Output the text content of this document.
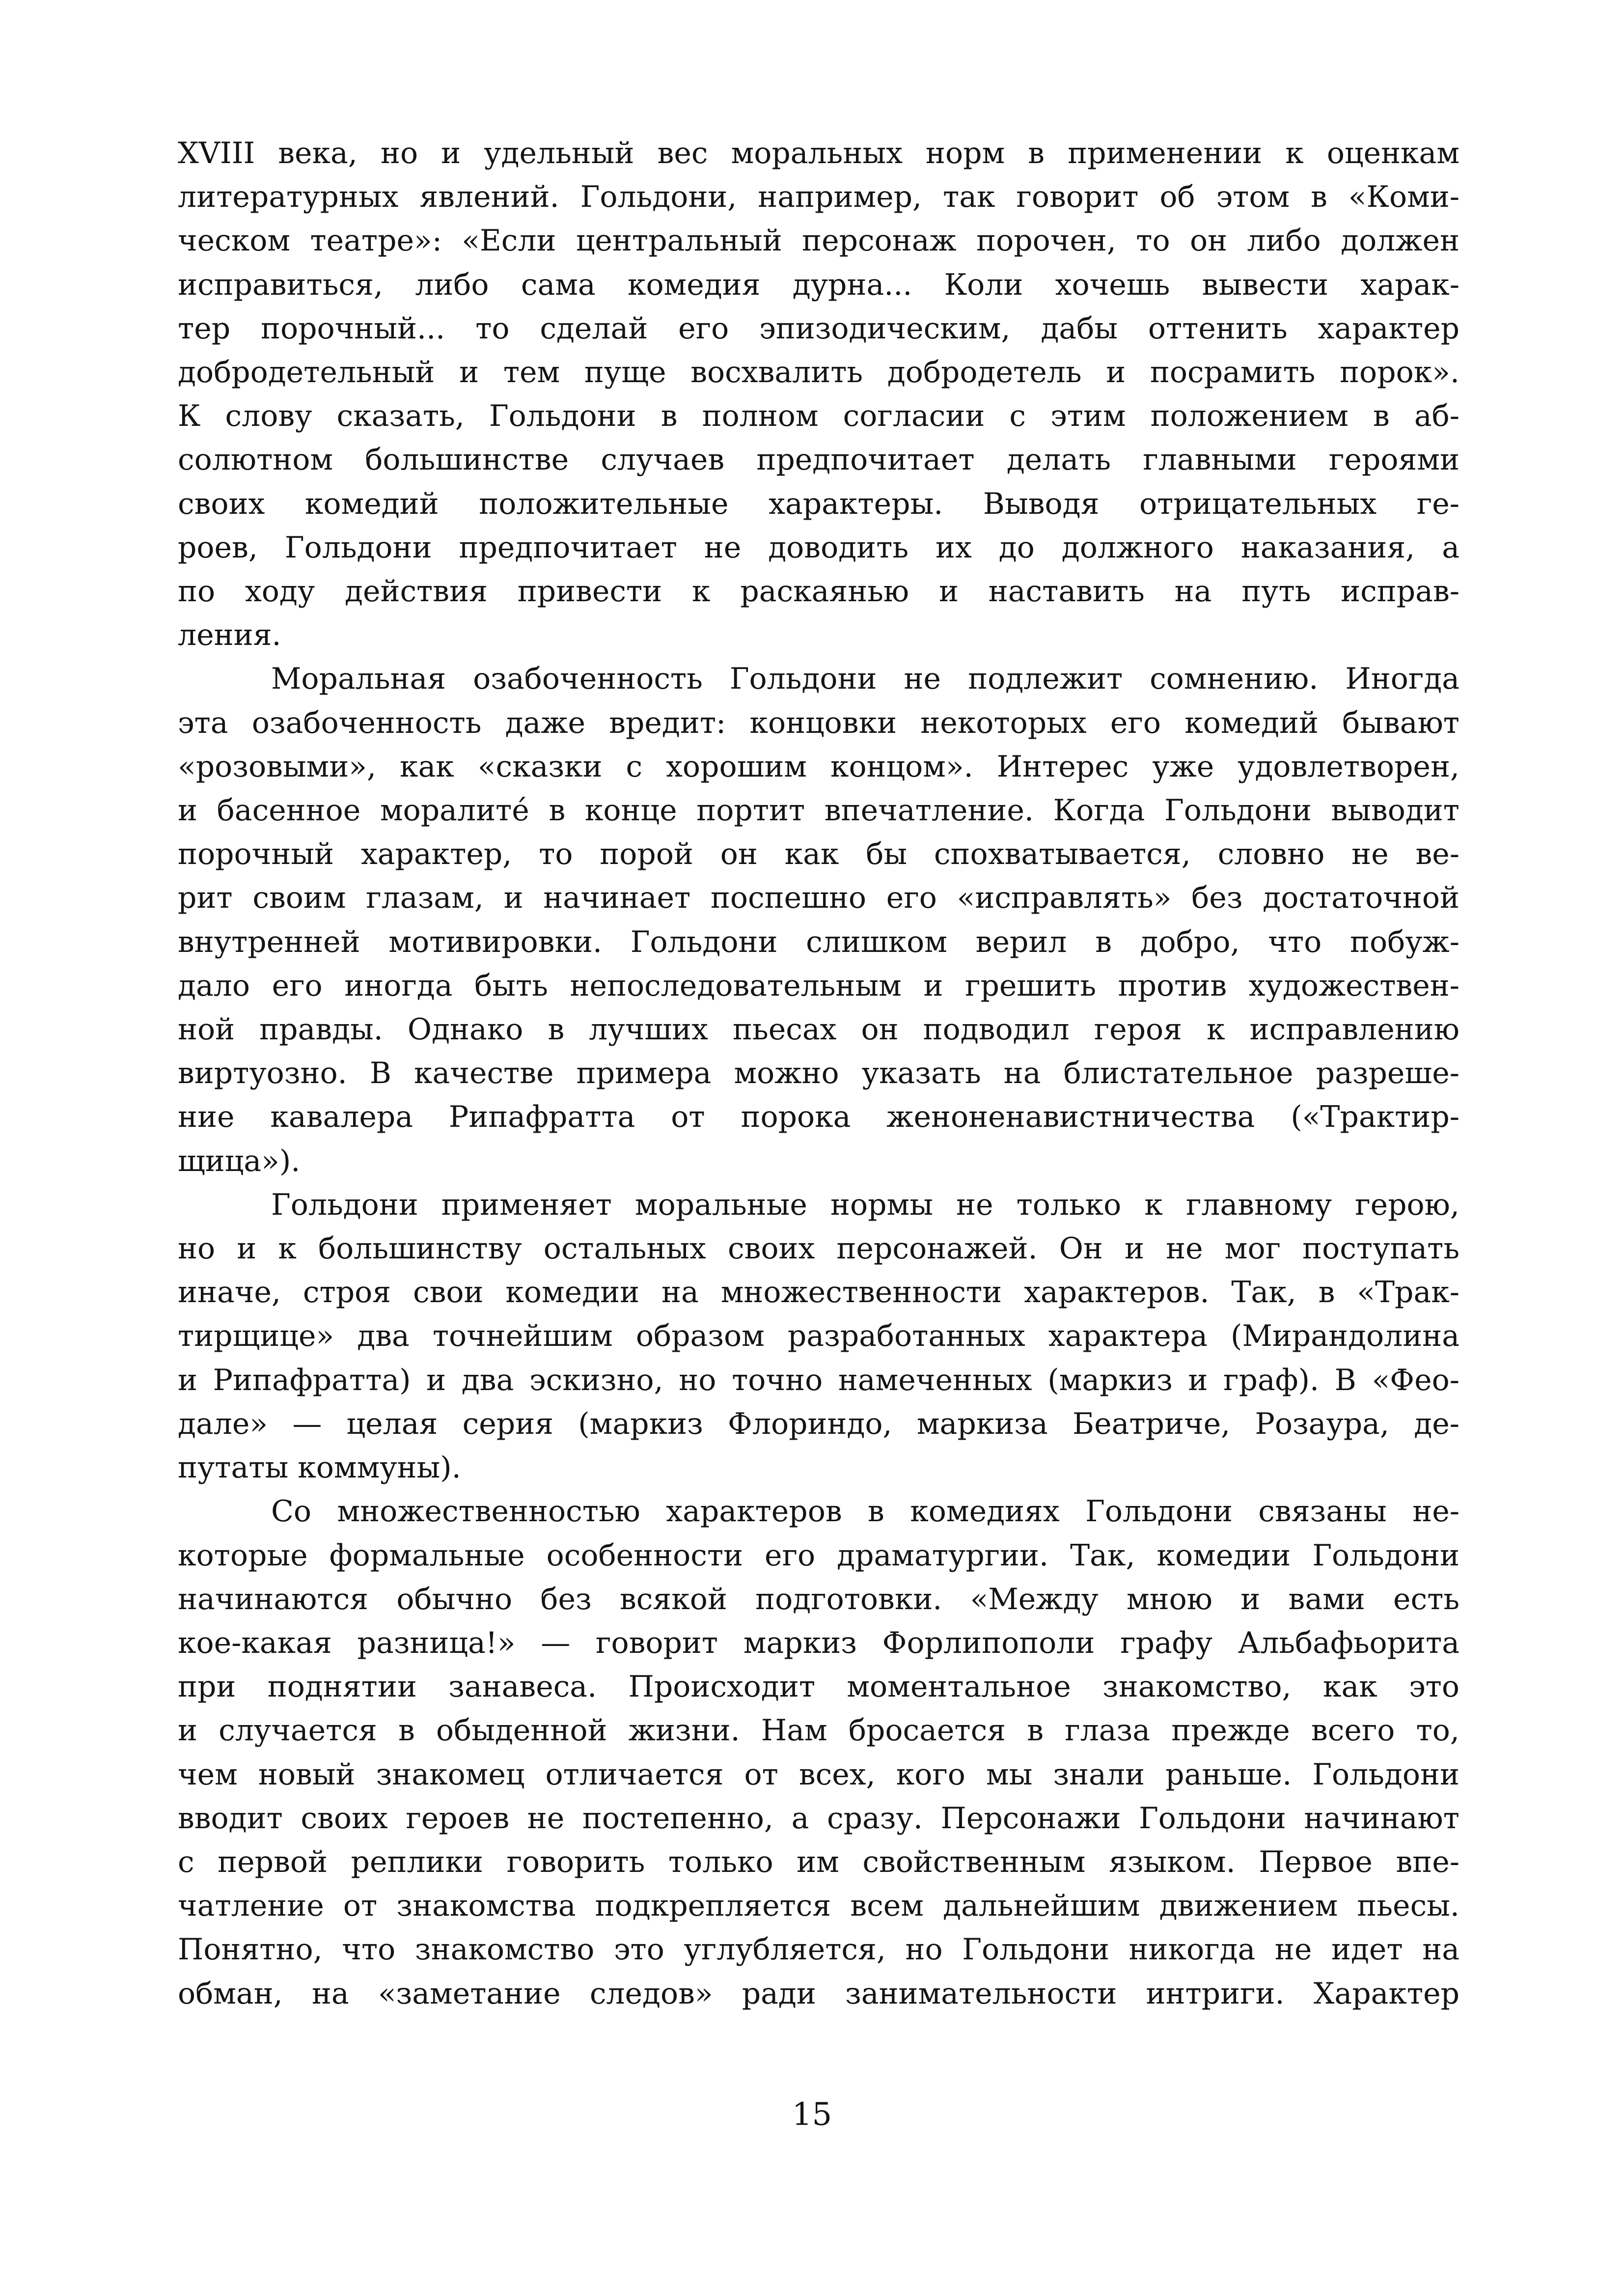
XVIII века, но и удельный вес моральных норм в применении к оценкам
литературных явлений. Гольдони, например, так говорит об этом в «Коми-
ческом театре»: «Если центральный персонаж порочен, то он либо должен
исправиться, либо сама комедия дурна... Коли хочешь вывести харак-
тер порочный... то сделай его эпизодическим, дабы оттенить характер
добродетельный и тем пуще восхвалить добродетель и посрамить порок».
К слову сказать, Гольдони в полном согласии с этим положением в аб-
солютном большинстве случаев предпочитает делать главными героями
своих комедий положительные характеры. Выводя отрицательных ге-
роев, Гольдони предпочитает не доводить их до должного наказания, а
по ходу действия привести к раскаянью и наставить на путь исправ-
ления.
Моральная озабоченность Гольдони не подлежит сомнению. Иногда
эта озабоченность даже вредит: концовки некоторых его комедий бывают
«розовыми», как «сказки с хорошим концом». Интерес уже удовлетворен,
и басенное моралитé в конце портит впечатление. Когда Гольдони выводит
порочный характер, то порой он как бы спохватывается, словно не ве-
рит своим глазам, и начинает поспешно его «исправлять» без достаточной
внутренней мотивировки. Гольдони слишком верил в добро, что побуж-
дало его иногда быть непоследовательным и грешить против художествен-
ной правды. Однако в лучших пьесах он подводил героя к исправлению
виртуозно. В качестве примера можно указать на блистательное разреше-
ние кавалера Рипафратта от порока женоненавистничества («Трактир-
щица»).
Гольдони применяет моральные нормы не только к главному герою,
но и к большинству остальных своих персонажей. Он и не мог поступать
иначе, строя свои комедии на множественности характеров. Так, в «Трак-
тирщице» два точнейшим образом разработанных характера (Мирандолина
и Рипафратта) и два эскизно, но точно намеченных (маркиз и граф). В «Фео-
дале» — целая серия (маркиз Флориндо, маркиза Беатриче, Розаура, де-
путаты коммуны).
Со множественностью характеров в комедиях Гольдони связаны не-
которые формальные особенности его драматургии. Так, комедии Гольдони
начинаются обычно без всякой подготовки. «Между мною и вами есть
кое-какая разница!» — говорит маркиз Форлипополи графу Альбафьорита
при поднятии занавеса. Происходит моментальное знакомство, как это
и случается в обыденной жизни. Нам бросается в глаза прежде всего то,
чем новый знакомец отличается от всех, кого мы знали раньше. Гольдони
вводит своих героев не постепенно, а сразу. Персонажи Гольдони начинают
с первой реплики говорить только им свойственным языком. Первое впе-
чатление от знакомства подкрепляется всем дальнейшим движением пьесы.
Понятно, что знакомство это углубляется, но Гольдони никогда не идет на
обман, на «заметание следов» ради занимательности интриги. Характер
15
